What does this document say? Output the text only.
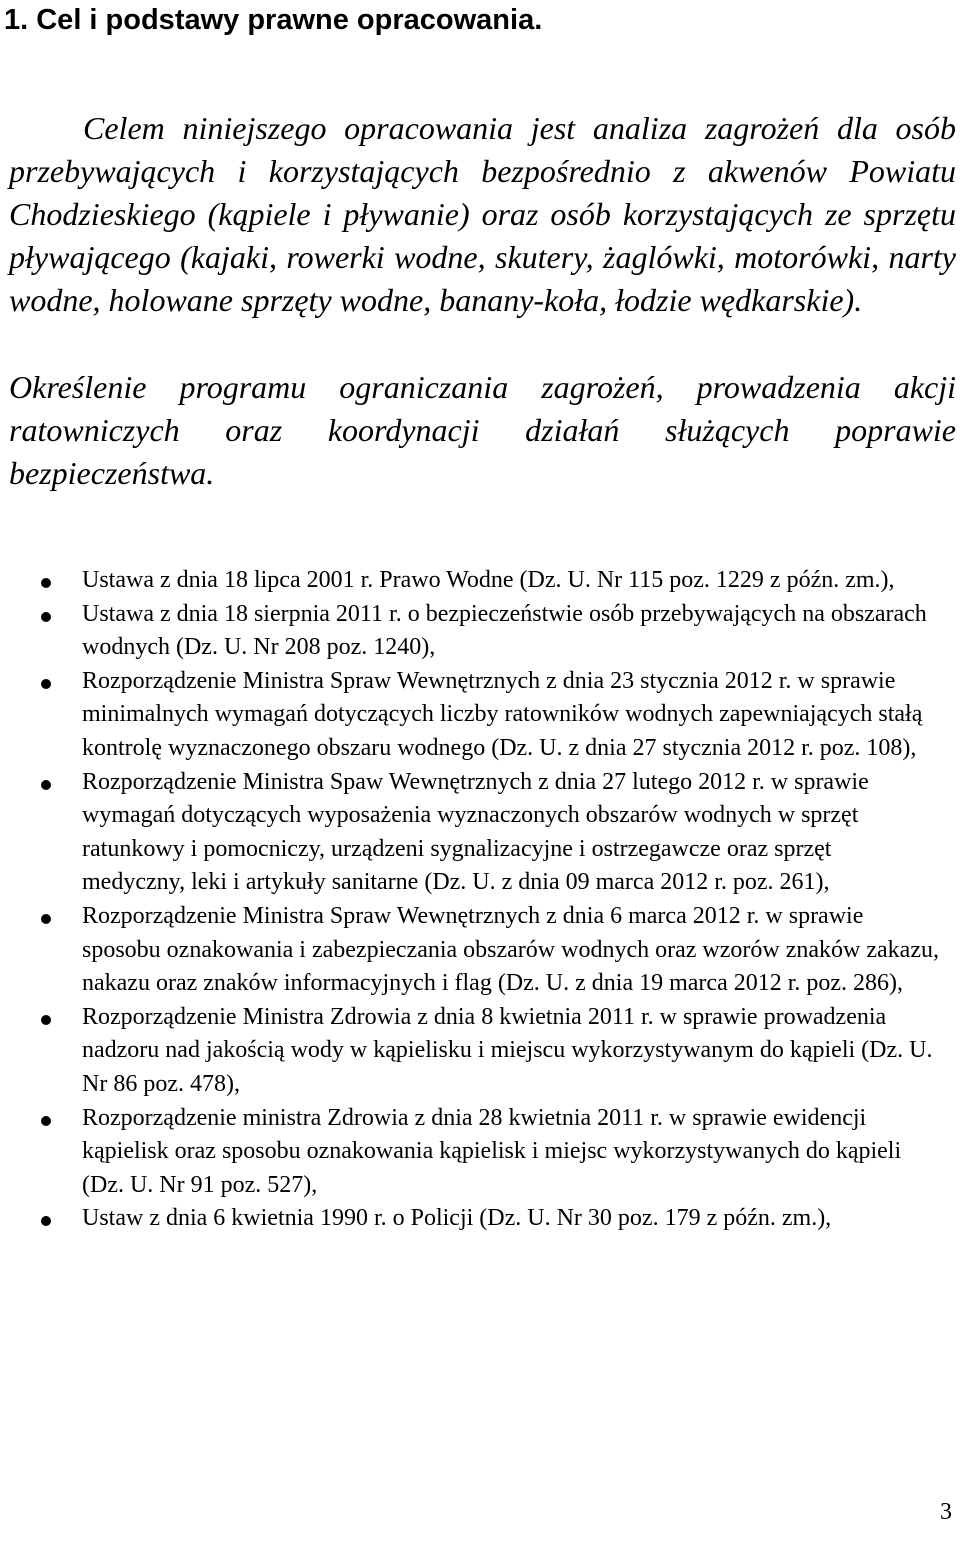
1. Cel i podstawy prawne opracowania.

Celem niniejszego opracowania jest analiza zagrożeń dla osób przebywających i korzystających bezpośrednio z akwenów Powiatu Chodzieskiego (kąpiele i pływanie) oraz osób korzystających ze sprzętu pływającego (kajaki, rowerki wodne, skutery, żaglówki, motorówki, narty wodne, holowane sprzęty wodne, banany-koła, łodzie wędkarskie).

Określenie programu ograniczania zagrożeń, prowadzenia akcji ratowniczych oraz koordynacji działań służących poprawie bezpieczeństwa.

Ustawa z dnia 18 lipca 2001 r. Prawo Wodne (Dz. U. Nr 115 poz. 1229 z późn. zm.),
Ustawa z dnia 18 sierpnia 2011 r. o bezpieczeństwie osób przebywających na obszarach wodnych (Dz. U. Nr 208 poz. 1240),
Rozporządzenie Ministra Spraw Wewnętrznych z dnia 23 stycznia 2012 r. w sprawie minimalnych wymagań dotyczących liczby ratowników wodnych zapewniających stałą kontrolę wyznaczonego obszaru wodnego (Dz. U. z dnia 27 stycznia 2012 r. poz. 108),
Rozporządzenie Ministra Spaw Wewnętrznych z dnia 27 lutego 2012 r. w sprawie wymagań dotyczących wyposażenia wyznaczonych obszarów wodnych w sprzęt ratunkowy i pomocniczy, urządzeni sygnalizacyjne i ostrzegawcze oraz sprzęt medyczny, leki i artykuły sanitarne (Dz. U. z dnia 09 marca 2012 r. poz. 261),
Rozporządzenie Ministra Spraw Wewnętrznych z dnia 6 marca 2012 r. w sprawie sposobu oznakowania i zabezpieczania obszarów wodnych oraz wzorów znaków zakazu, nakazu oraz znaków informacyjnych i flag (Dz. U. z dnia 19 marca 2012 r. poz. 286),
Rozporządzenie Ministra Zdrowia z dnia 8 kwietnia 2011 r. w sprawie prowadzenia nadzoru nad jakością wody w kąpielisku i miejscu wykorzystywanym do kąpieli (Dz. U. Nr 86 poz. 478),
Rozporządzenie ministra Zdrowia z dnia 28 kwietnia 2011 r. w sprawie ewidencji kąpielisk oraz sposobu oznakowania kąpielisk i miejsc wykorzystywanych do kąpieli (Dz. U. Nr 91 poz. 527),
Ustaw z dnia 6 kwietnia 1990 r. o Policji (Dz. U. Nr 30 poz. 179 z późn. zm.),

3
